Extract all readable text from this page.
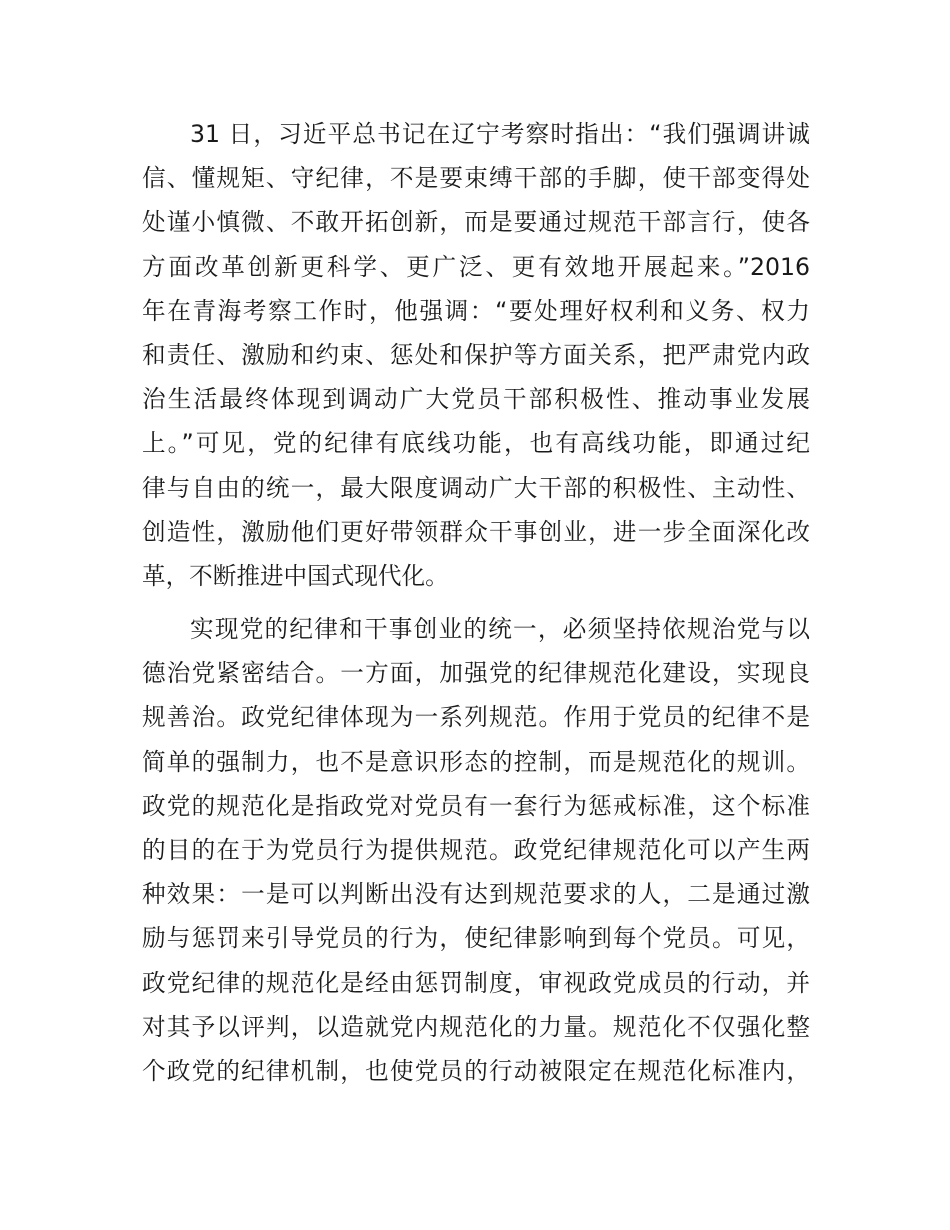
31 日，习近平总书记在辽宁考察时指出：“我们强调讲诚
信、懂规矩、守纪律，不是要束缚干部的手脚，使干部变得处
处谨小慎微、不敢开拓创新，而是要通过规范干部言行，使各
方面改革创新更科学、更广泛、更有效地开展起来。”2016
年在青海考察工作时，他强调：“要处理好权利和义务、权力
和责任、激励和约束、惩处和保护等方面关系，把严肃党内政
治生活最终体现到调动广大党员干部积极性、推动事业发展
上。”可见，党的纪律有底线功能，也有高线功能，即通过纪
律与自由的统一，最大限度调动广大干部的积极性、主动性、
创造性，激励他们更好带领群众干事创业，进一步全面深化改
革，不断推进中国式现代化。
实现党的纪律和干事创业的统一，必须坚持依规治党与以
德治党紧密结合。一方面，加强党的纪律规范化建设，实现良
规善治。政党纪律体现为一系列规范。作用于党员的纪律不是
简单的强制力，也不是意识形态的控制，而是规范化的规训。
政党的规范化是指政党对党员有一套行为惩戒标准，这个标准
的目的在于为党员行为提供规范。政党纪律规范化可以产生两
种效果：一是可以判断出没有达到规范要求的人，二是通过激
励与惩罚来引导党员的行为，使纪律影响到每个党员。可见，
政党纪律的规范化是经由惩罚制度，审视政党成员的行动，并
对其予以评判，以造就党内规范化的力量。规范化不仅强化整
个政党的纪律机制，也使党员的行动被限定在规范化标准内，
